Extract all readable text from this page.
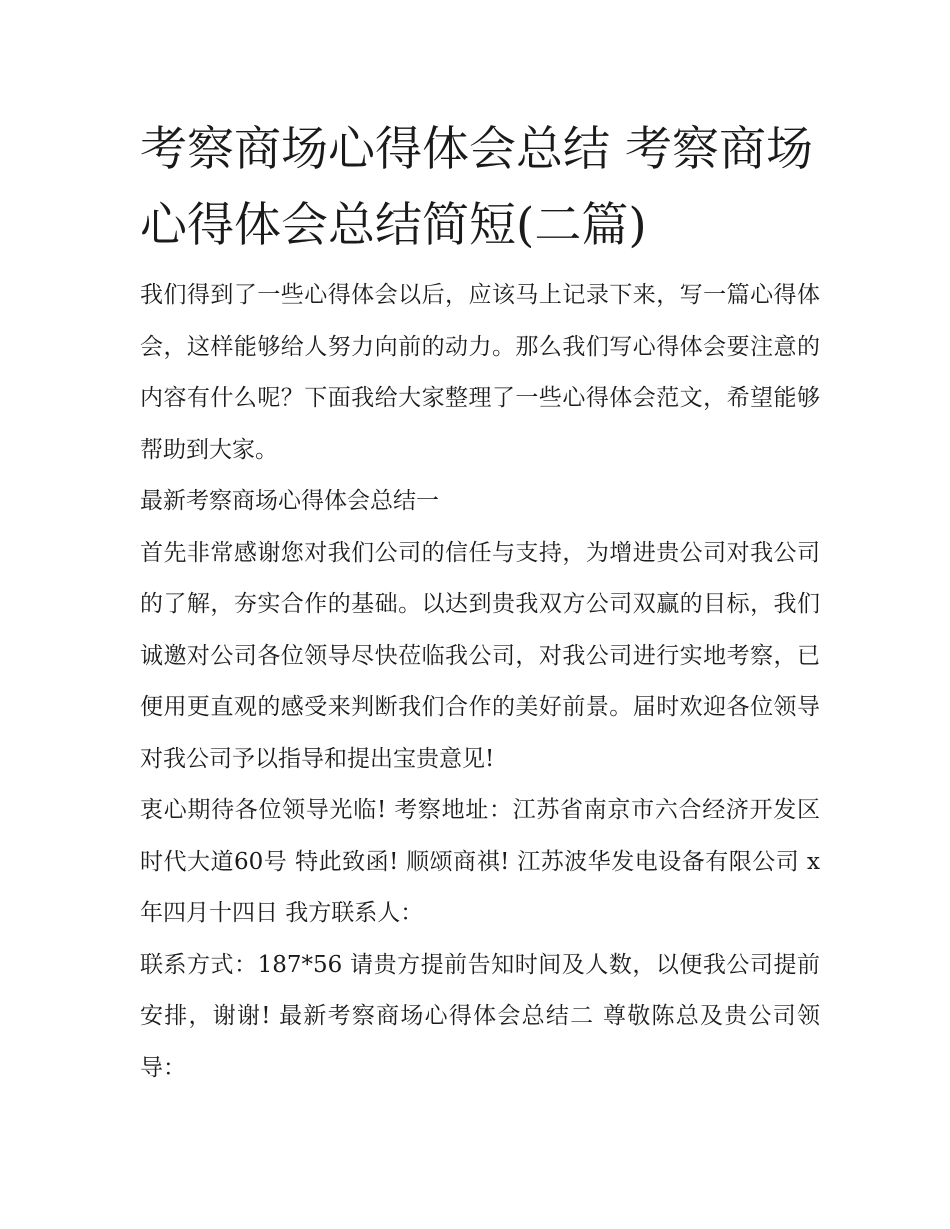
考察商场心得体会总结 考察商场心得体会总结简短(二篇)

我们得到了一些心得体会以后，应该马上记录下来，写一篇心得体会，这样能够给人努力向前的动力。那么我们写心得体会要注意的内容有什么呢？下面我给大家整理了一些心得体会范文，希望能够帮助到大家。

最新考察商场心得体会总结一

首先非常感谢您对我们公司的信任与支持，为增进贵公司对我公司的了解，夯实合作的基础。以达到贵我双方公司双赢的目标，我们诚邀对公司各位领导尽快莅临我公司，对我公司进行实地考察，已便用更直观的感受来判断我们合作的美好前景。届时欢迎各位领导对我公司予以指导和提出宝贵意见!

衷心期待各位领导光临! 考察地址：江苏省南京市六合经济开发区时代大道60号 特此致函! 顺颂商祺! 江苏波华发电设备有限公司 x 年四月十四日 我方联系人：

联系方式：187*56 请贵方提前告知时间及人数，以便我公司提前安排，谢谢! 最新考察商场心得体会总结二 尊敬陈总及贵公司领导：
